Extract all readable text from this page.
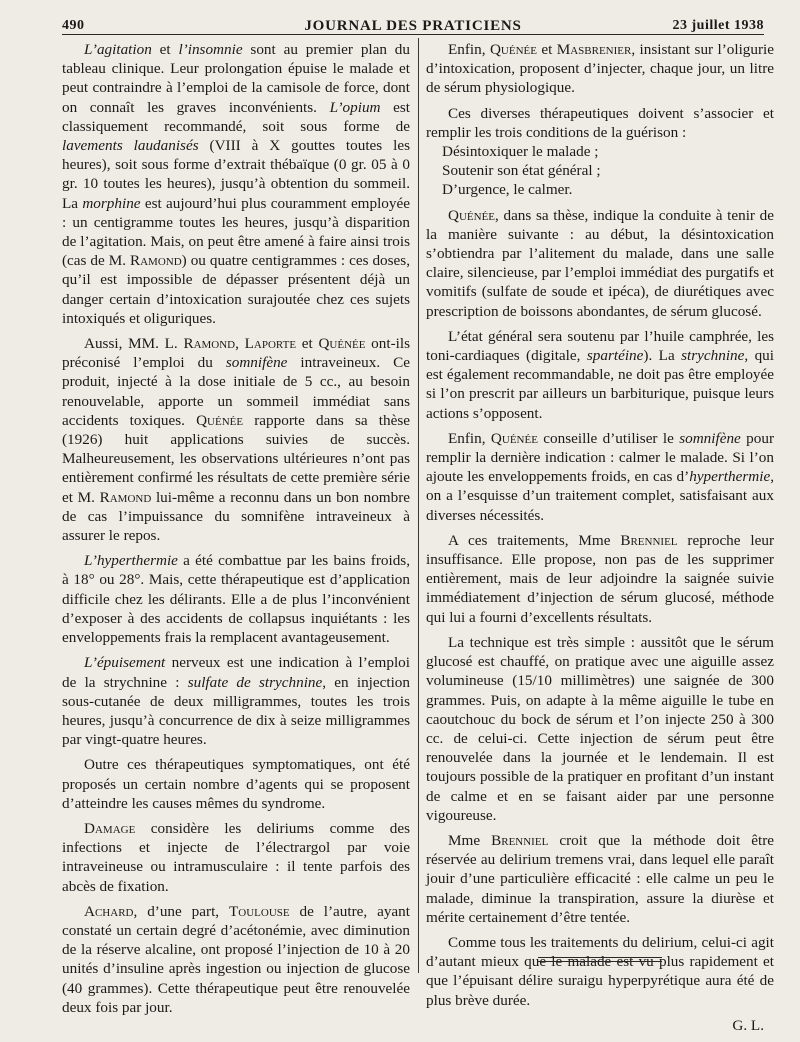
490	JOURNAL DES PRATICIENS	23 juillet 1938

L’agitation et l’insomnie sont au premier plan du tableau clinique. Leur prolongation épuise le malade et peut contraindre à l’emploi de la camisole de force, dont on connaît les graves inconvénients. L’opium est classiquement recommandé, soit sous forme de lavements laudanisés (VIII à X gouttes toutes les heures), soit sous forme d’extrait thébaïque (0 gr. 05 à 0 gr. 10 toutes les heures), jusqu’à obtention du sommeil. La morphine est aujourd’hui plus couramment employée : un centigramme toutes les heures, jusqu’à disparition de l’agitation. Mais, on peut être amené à faire ainsi trois (cas de M. Ramond) ou quatre centigrammes : ces doses, qu’il est impossible de dépasser présentent déjà un danger certain d’intoxication surajoutée chez ces sujets intoxiqués et oliguriques.

Aussi, MM. L. Ramond, Laporte et Quénée ont-ils préconisé l’emploi du somnifène intraveineux. Ce produit, injecté à la dose initiale de 5 cc., au besoin renouvelable, apporte un sommeil immédiat sans accidents toxiques. Quénée rapporte dans sa thèse (1926) huit applications suivies de succès. Malheureusement, les observations ultérieures n’ont pas entièrement confirmé les résultats de cette première série et M. Ramond lui-même a reconnu dans un bon nombre de cas l’impuissance du somnifène intraveineux à assurer le repos.

L’hyperthermie a été combattue par les bains froids, à 18° ou 28°. Mais, cette thérapeutique est d’application difficile chez les délirants. Elle a de plus l’inconvénient d’exposer à des accidents de collapsus inquiétants : les enveloppements frais la remplacent avantageusement.

L’épuisement nerveux est une indication à l’emploi de la strychnine : sulfate de strychnine, en injection sous-cutanée de deux milligrammes, toutes les trois heures, jusqu’à concurrence de dix à seize milligrammes par vingt-quatre heures.

Outre ces thérapeutiques symptomatiques, ont été proposés un certain nombre d’agents qui se proposent d’atteindre les causes mêmes du syndrome.

Damage considère les deliriums comme des infections et injecte de l’électrargol par voie intraveineuse ou intramusculaire : il tente parfois des abcès de fixation.

Achard, d’une part, Toulouse de l’autre, ayant constaté un certain degré d’acétonémie, avec diminution de la réserve alcaline, ont proposé l’injection de 10 à 20 unités d’insuline après ingestion ou injection de glucose (40 grammes). Cette thérapeutique peut être renouvelée deux fois par jour.

Enfin, Quénée et Masbrenier, insistant sur l’oligurie d’intoxication, proposent d’injecter, chaque jour, un litre de sérum physiologique.

Ces diverses thérapeutiques doivent s’associer et remplir les trois conditions de la guérison :

Désintoxiquer le malade ;

Soutenir son état général ;

D’urgence, le calmer.

Quénée, dans sa thèse, indique la conduite à tenir de la manière suivante : au début, la désintoxication s’obtiendra par l’alitement du malade, dans une salle claire, silencieuse, par l’emploi immédiat des purgatifs et vomitifs (sulfate de soude et ipéca), de diurétiques avec prescription de boissons abondantes, de sérum glucosé.

L’état général sera soutenu par l’huile camphrée, les toni-cardiaques (digitale, spartéine). La strychnine, qui est également recommandable, ne doit pas être employée si l’on prescrit par ailleurs un barbiturique, puisque leurs actions s’opposent.

Enfin, Quénée conseille d’utiliser le somnifène pour remplir la dernière indication : calmer le malade. Si l’on ajoute les enveloppements froids, en cas d’hyperthermie, on a l’esquisse d’un traitement complet, satisfaisant aux diverses nécessités.

A ces traitements, Mme Brenniel reproche leur insuffisance. Elle propose, non pas de les supprimer entièrement, mais de leur adjoindre la saignée suivie immédiatement d’injection de sérum glucosé, méthode qui lui a fourni d’excellents résultats.

La technique est très simple : aussitôt que le sérum glucosé est chauffé, on pratique avec une aiguille assez volumineuse (15/10 millimètres) une saignée de 300 grammes. Puis, on adapte à la même aiguille le tube en caoutchouc du bock de sérum et l’on injecte 250 à 300 cc. de celui-ci. Cette injection de sérum peut être renouvelée dans la journée et le lendemain. Il est toujours possible de la pratiquer en profitant d’un instant de calme et en se faisant aider par une personne vigoureuse.

Mme Brenniel croit que la méthode doit être réservée au delirium tremens vrai, dans lequel elle paraît jouir d’une particulière efficacité : elle calme un peu le malade, diminue la transpiration, assure la diurèse et mérite certainement d’être tentée.

Comme tous les traitements du delirium, celui-ci agit d’autant mieux que le malade est vu plus rapidement et que l’épuisant délire suraigu hyperpyrétique aura été de plus brève durée.

G. L.
